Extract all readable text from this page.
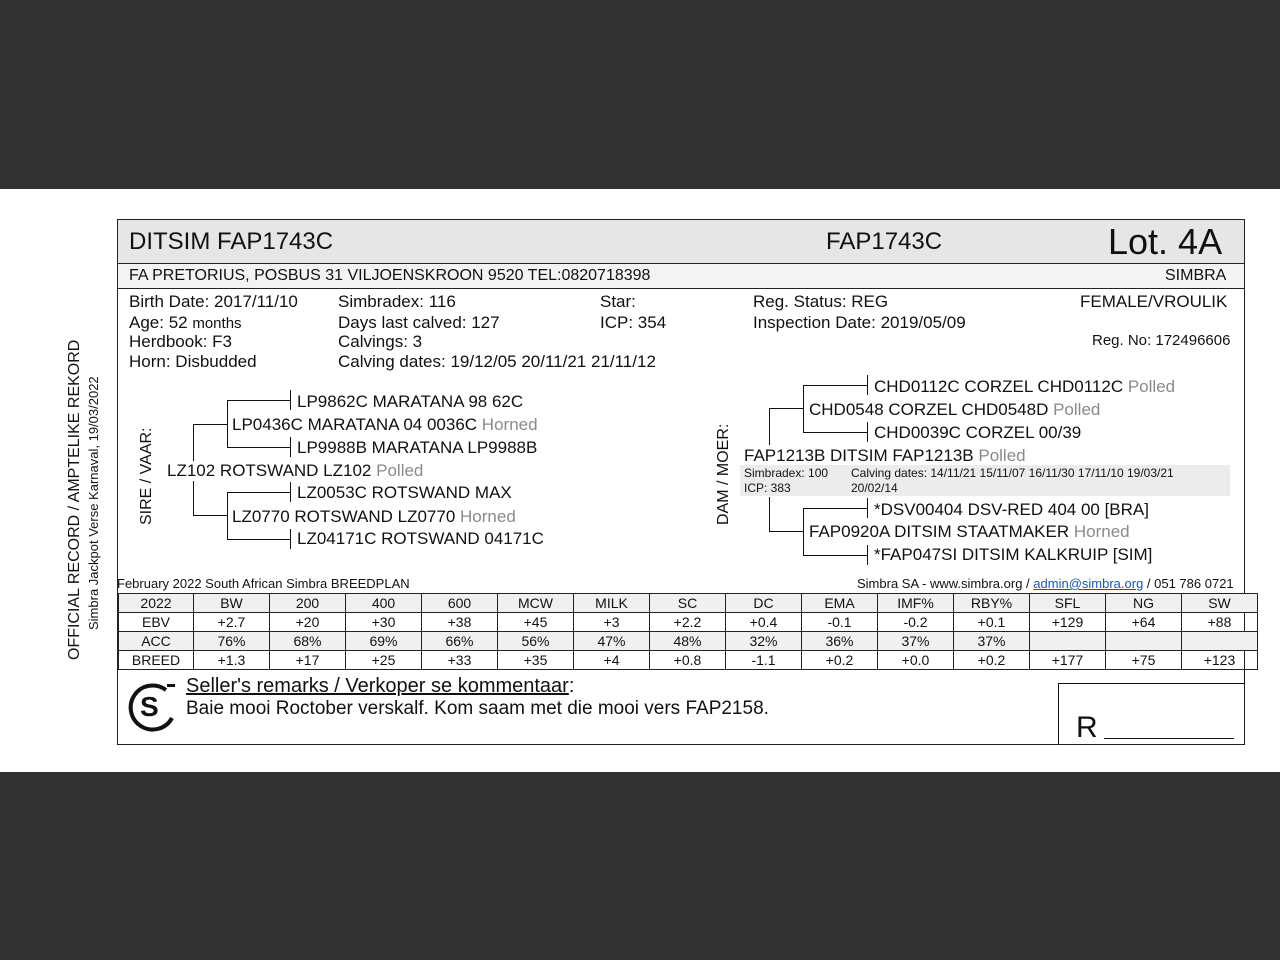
OFFICIAL RECORD / AMPTELIKE REKORD Simbra Jackpot Verse Karnaval, 19/03/2022
DITSIM FAP1743C	FAP1743C	Lot. 4A
FA PRETORIUS, POSBUS 31 VILJOENSKROON 9520 TEL:0820718398	SIMBRA
Birth Date: 2017/11/10
Age: 52 months
Herdbook: F3
Horn: Disbudded
Simbradex: 116
Days last calved: 127
Calvings: 3
Calving dates: 19/12/05 20/11/21 21/11/12
Star:
ICP: 354
Reg. Status: REG
Inspection Date: 2019/05/09
FEMALE/VROULIK
Reg. No: 172496606
SIRE / VAAR:
LP9862C MARATANA 98 62C
LP0436C MARATANA 04 0036C Horned
LP9988B MARATANA LP9988B
LZ102 ROTSWAND LZ102 Polled
LZ0053C ROTSWAND MAX
LZ0770 ROTSWAND LZ0770 Horned
LZ04171C ROTSWAND 04171C
DAM / MOER:
CHD0112C CORZEL CHD0112C Polled
CHD0548 CORZEL CHD0548D Polled
CHD0039C CORZEL 00/39
FAP1213B DITSIM FAP1213B Polled
Simbradex: 100
ICP: 383
Calving dates: 14/11/21 15/11/07 16/11/30 17/11/10 19/03/21
20/02/14
*DSV00404 DSV-RED 404 00 [BRA]
FAP0920A DITSIM STAATMAKER Horned
*FAP047SI DITSIM KALKRUIP [SIM]
February 2022 South African Simbra BREEDPLAN	Simbra SA - www.simbra.org / admin@simbra.org / 051 786 0721
2022	BW	200	400	600	MCW	MILK	SC	DC	EMA	IMF%	RBY%	SFL	NG	SW
EBV	+2.7	+20	+30	+38	+45	+3	+2.2	+0.4	-0.1	-0.2	+0.1	+129	+64	+88
ACC	76%	68%	69%	66%	56%	47%	48%	32%	36%	37%	37%			
BREED	+1.3	+17	+25	+33	+35	+4	+0.8	-1.1	+0.2	+0.0	+0.2	+177	+75	+123
S
Seller's remarks / Verkoper se kommentaar:
Baie mooi Roctober verskalf. Kom saam met die mooi vers FAP2158.
R
